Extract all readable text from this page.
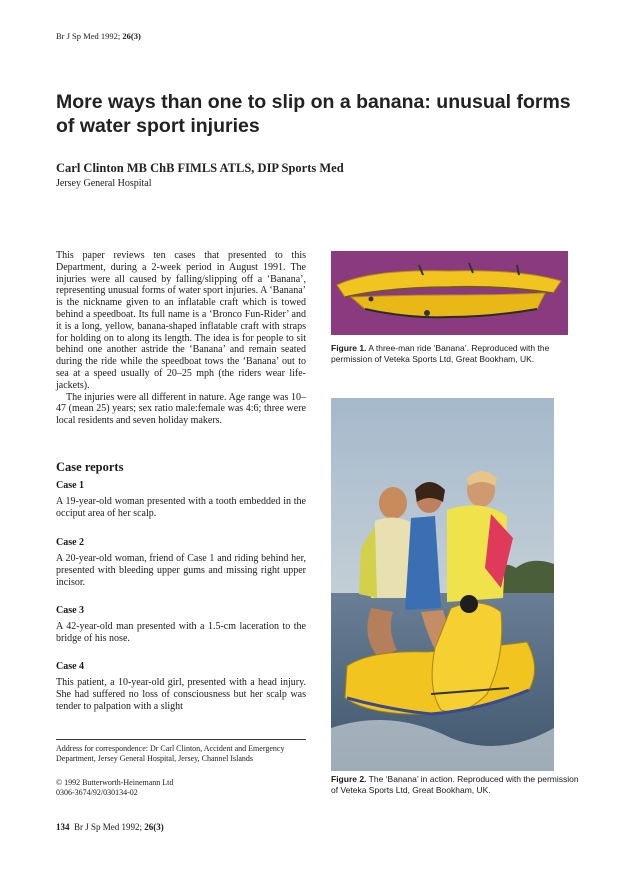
Br J Sp Med 1992; 26(3)
More ways than one to slip on a banana: unusual forms of water sport injuries
Carl Clinton MB ChB FIMLS ATLS, DIP Sports Med
Jersey General Hospital

This paper reviews ten cases that presented to this Department, during a 2-week period in August 1991. The injuries were all caused by falling/slipping off a ‘Banana’, representing unusual forms of water sport injuries. A ‘Banana’ is the nickname given to an inflatable craft which is towed behind a speedboat. Its full name is a ‘Bronco Fun-Rider’ and it is a long, yellow, banana-shaped inflatable craft with straps for holding on to along its length. The idea is for people to sit behind one another astride the ‘Banana’ and remain seated during the ride while the speedboat tows the ‘Banana’ out to sea at a speed usually of 20–25 mph (the riders wear life-jackets).

The injuries were all different in nature. Age range was 10–47 (mean 25) years; sex ratio male:female was 4:6; three were local residents and seven holiday makers.

Case reports
Case 1
A 19-year-old woman presented with a tooth embedded in the occiput area of her scalp.
Case 2
A 20-year-old woman, friend of Case 1 and riding behind her, presented with bleeding upper gums and missing right upper incisor.
Case 3
A 42-year-old man presented with a 1.5-cm laceration to the bridge of his nose.
Case 4
This patient, a 10-year-old girl, presented with a head injury. She had suffered no loss of consciousness but her scalp was tender to palpation with a slight
Address for correspondence: Dr Carl Clinton, Accident and Emergency Department, Jersey General Hospital, Jersey, Channel Islands
© 1992 Butterworth-Heinemann Ltd
0306-3674/92/030134-02
134 Br J Sp Med 1992; 26(3)
Figure 1. A three-man ride ‘Banana’. Reproduced with the permission of Veteka Sports Ltd, Great Bookham, UK.
Figure 2. The ‘Banana’ in action. Reproduced with the permission of Veteka Sports Ltd, Great Bookham, UK.
